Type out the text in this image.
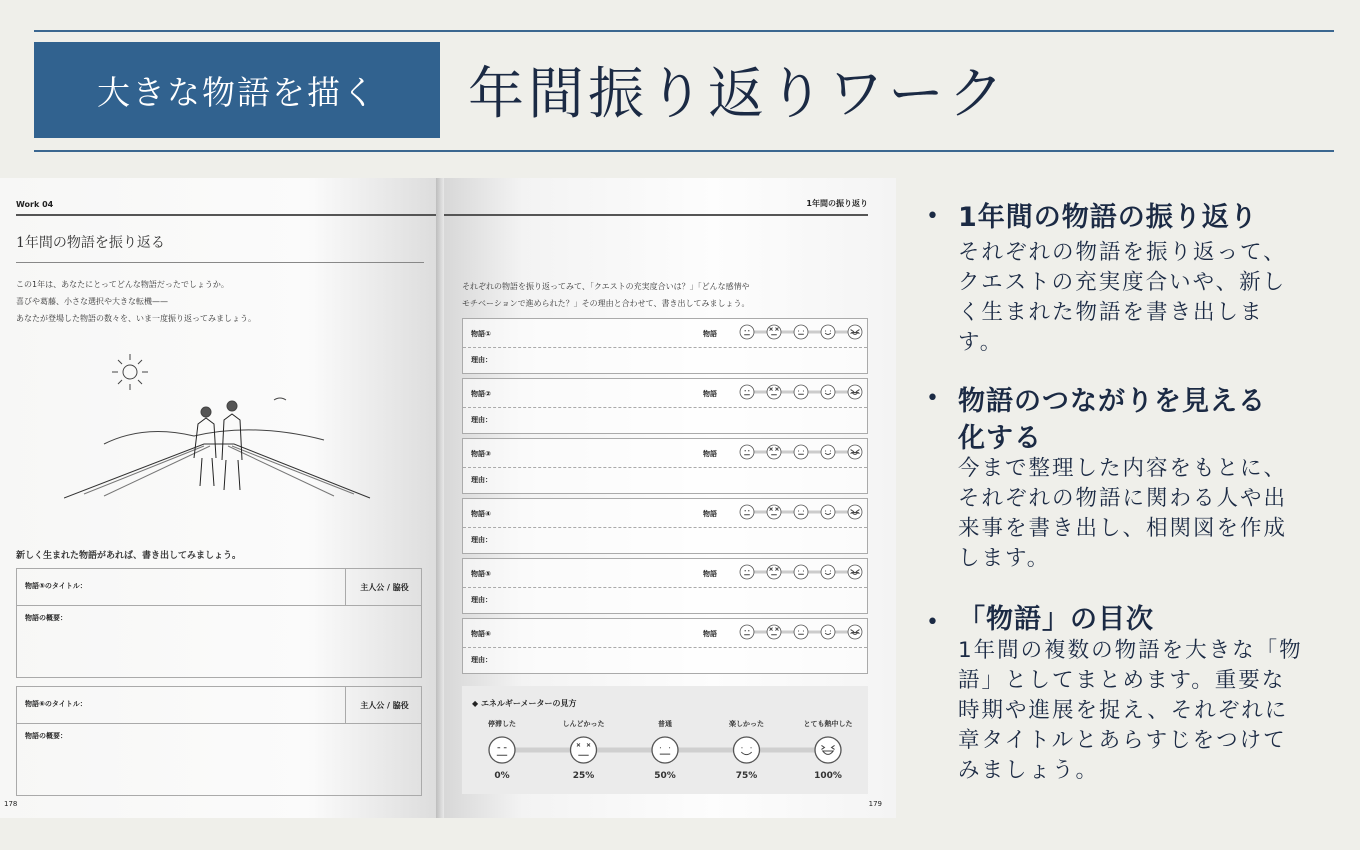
大きな物語を描く	年間振り返りワーク
Work 04
1年間の物語を振り返る
この1年は、あなたにとってどんな物語だったでしょうか。
喜びや葛藤、小さな選択や大きな転機——
あなたが登場した物語の数々を、いま一度振り返ってみましょう。
新しく生まれた物語があれば、書き出してみましょう。
物語⑤のタイトル：	主人公 / 脇役
物語の概要：
物語⑥のタイトル：	主人公 / 脇役
物語の概要：
178
1年間の振り返り
それぞれの物語を振り返ってみて、「クエストの充実度合いは？」「どんな感情や
モチベーションで進められた？」その理由と合わせて、書き出してみましょう。
物語①	物語
理由：
物語②	物語
理由：
物語③	物語
理由：
物語④	物語
理由：
物語⑤	物語
理由：
物語⑥	物語
理由：
◆ エネルギーメーターの見方
停滞した
0%
しんどかった
25%
普通
50%
楽しかった
75%
とても熱中した
100%
179
• 1年間の物語の振り返り
それぞれの物語を振り返って、
クエストの充実度合いや、新し
く生まれた物語を書き出しま
す。
• 物語のつながりを見える
化する
今まで整理した内容をもとに、
それぞれの物語に関わる人や出
来事を書き出し、相関図を作成
します。
• 「物語」の目次
1年間の複数の物語を大きな「物
語」としてまとめます。重要な
時期や進展を捉え、それぞれに
章タイトルとあらすじをつけて
みましょう。
